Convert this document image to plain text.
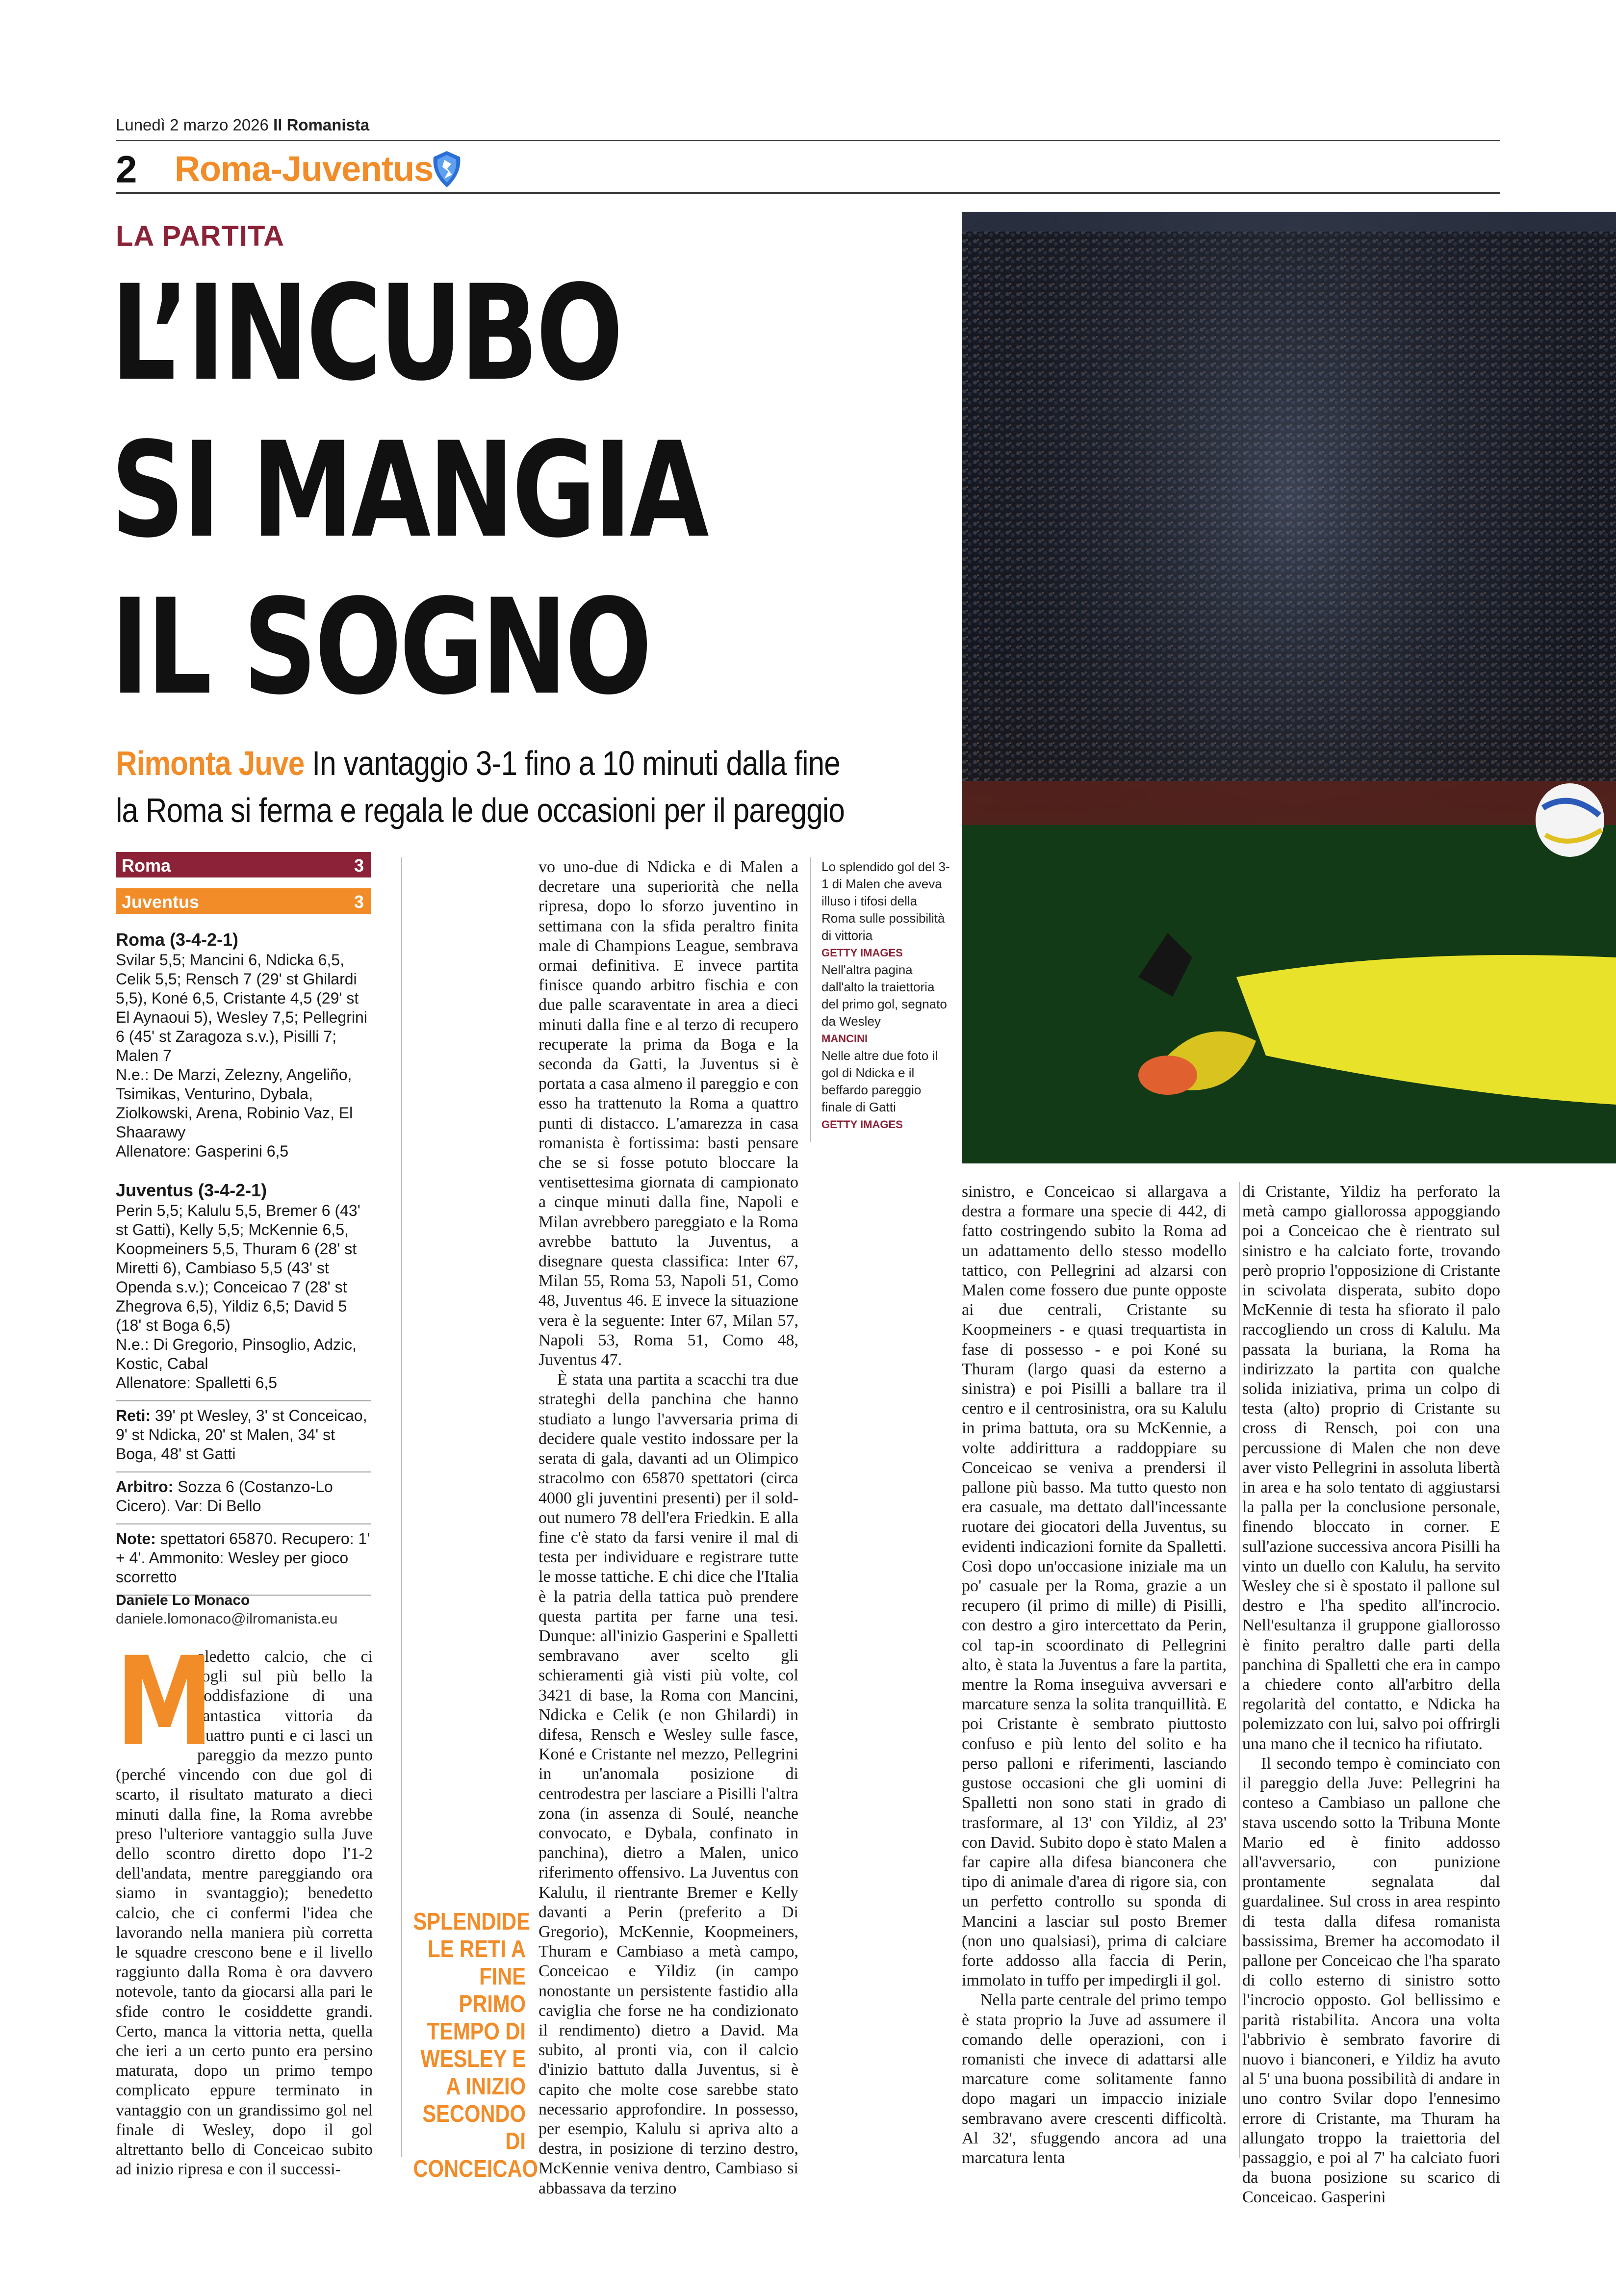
Lunedì 2 marzo 2026 Il Romanista
2 Roma-Juventus
LA PARTITA
L’INCUBO
SI MANGIA
IL SOGNO
Rimonta Juve In vantaggio 3-1 fino a 10 minuti dalla fine
la Roma si ferma e regala le due occasioni per il pareggio
Roma	3
Juventus	3
Roma (3-4-2-1)
Svilar 5,5; Mancini 6, Ndicka 6,5, Celik 5,5; Rensch 7 (29' st Ghilardi 5,5), Koné 6,5, Cristante 4,5 (29' st El Aynaoui 5), Wesley 7,5; Pellegrini 6 (45' st Zaragoza s.v.), Pisilli 7; Malen 7
N.e.: De Marzi, Zelezny, Angeliño, Tsimikas, Venturino, Dybala, Ziolkowski, Arena, Robinio Vaz, El Shaarawy
Allenatore: Gasperini 6,5
Juventus (3-4-2-1)
Perin 5,5; Kalulu 5,5, Bremer 6 (43' st Gatti), Kelly 5,5; McKennie 6,5, Koopmeiners 5,5, Thuram 6 (28' st Miretti 6), Cambiaso 5,5 (43' st Openda s.v.); Conceicao 7 (28' st Zhegrova 6,5), Yildiz 6,5; David 5 (18' st Boga 6,5)
N.e.: Di Gregorio, Pinsoglio, Adzic, Kostic, Cabal
Allenatore: Spalletti 6,5
Reti: 39' pt Wesley, 3' st Conceicao, 9' st Ndicka, 20' st Malen, 34' st Boga, 48' st Gatti
Arbitro: Sozza 6 (Costanzo-Lo Cicero). Var: Di Bello
Note: spettatori 65870. Recupero: 1' + 4'. Ammonito: Wesley per gioco scorretto
Daniele Lo Monaco
daniele.lomonaco@ilromanista.eu
M

aledetto calcio, che ci togli sul più bello la soddisfazione di una fantastica vittoria da quattro punti e ci lasci un pareggio da mezzo punto (perché vincendo con due gol di scarto, il risultato maturato a dieci minuti dalla fine, la Roma avrebbe preso l'ulteriore vantaggio sulla Juve dello scontro diretto dopo l'1-2 dell'andata, mentre pareggiando ora siamo in svantaggio); benedetto calcio, che ci confermi l'idea che lavorando nella maniera più corretta le squadre crescono bene e il livello raggiunto dalla Roma è ora davvero notevole, tanto da giocarsi alla pari le sfide contro le cosiddette grandi. Certo, manca la vittoria netta, quella che ieri a un certo punto era persino maturata, dopo un primo tempo complicato eppure terminato in vantaggio con un grandissimo gol nel finale di Wesley, dopo il gol altrettanto bello di Conceicao subito ad inizio ripresa e con il successi-

SPLENDIDE LE RETI A FINE PRIMO TEMPO DI WESLEY E A INIZIO SECONDO DI CONCEICAO

vo uno-due di Ndicka e di Malen a decretare una superiorità che nella ripresa, dopo lo sforzo juventino in settimana con la sfida peraltro finita male di Champions League, sembrava ormai definitiva. E invece partita finisce quando arbitro fischia e con due palle scaraventate in area a dieci minuti dalla fine e al terzo di recupero recuperate la prima da Boga e la seconda da Gatti, la Juventus si è portata a casa almeno il pareggio e con esso ha trattenuto la Roma a quattro punti di distacco. L'amarezza in casa romanista è fortissima: basti pensare che se si fosse potuto bloccare la ventisettesima giornata di campionato a cinque minuti dalla fine, Napoli e Milan avrebbero pareggiato e la Roma avrebbe battuto la Juventus, a disegnare questa classifica: Inter 67, Milan 55, Roma 53, Napoli 51, Como 48, Juventus 46. E invece la situazione vera è la seguente: Inter 67, Milan 57, Napoli 53, Roma 51, Como 48, Juventus 47.

È stata una partita a scacchi tra due strateghi della panchina che hanno studiato a lungo l'avversaria prima di decidere quale vestito indossare per la serata di gala, davanti ad un Olimpico stracolmo con 65870 spettatori (circa 4000 gli juventini presenti) per il sold-out numero 78 dell'era Friedkin. E alla fine c'è stato da farsi venire il mal di testa per individuare e registrare tutte le mosse tattiche. E chi dice che l'Italia è la patria della tattica può prendere questa partita per farne una tesi. Dunque: all'inizio Gasperini e Spalletti sembravano aver scelto gli schieramenti già visti più volte, col 3421 di base, la Roma con Mancini, Ndicka e Celik (e non Ghilardi) in difesa, Rensch e Wesley sulle fasce, Koné e Cristante nel mezzo, Pellegrini in un'anomala posizione di centrodestra per lasciare a Pisilli l'altra zona (in assenza di Soulé, neanche convocato, e Dybala, confinato in panchina), dietro a Malen, unico riferimento offensivo. La Juventus con Kalulu, il rientrante Bremer e Kelly davanti a Perin (preferito a Di Gregorio), McKennie, Koopmeiners, Thuram e Cambiaso a metà campo, Conceicao e Yildiz (in campo nonostante un persistente fastidio alla caviglia che forse ne ha condizionato il rendimento) dietro a David. Ma subito, al pronti via, con il calcio d'inizio battuto dalla Juventus, si è capito che molte cose sarebbe stato necessario approfondire. In possesso, per esempio, Kalulu si apriva alto a destra, in posizione di terzino destro, McKennie veniva dentro, Cambiaso si abbassava da terzino

Lo splendido gol del 3-1 di Malen che aveva illuso i tifosi della Roma sulle possibilità di vittoria
GETTY IMAGES
Nell'altra pagina dall'alto la traiettoria del primo gol, segnato da Wesley
MANCINI
Nelle altre due foto il gol di Ndicka e il beffardo pareggio finale di Gatti
GETTY IMAGES

sinistro, e Conceicao si allargava a destra a formare una specie di 442, di fatto costringendo subito la Roma ad un adattamento dello stesso modello tattico, con Pellegrini ad alzarsi con Malen come fossero due punte opposte ai due centrali, Cristante su Koopmeiners - e quasi trequartista in fase di possesso - e poi Koné su Thuram (largo quasi da esterno a sinistra) e poi Pisilli a ballare tra il centro e il centrosinistra, ora su Kalulu in prima battuta, ora su McKennie, a volte addirittura a raddoppiare su Conceicao se veniva a prendersi il pallone più basso. Ma tutto questo non era casuale, ma dettato dall'incessante ruotare dei giocatori della Juventus, su evidenti indicazioni fornite da Spalletti. Così dopo un'occasione iniziale ma un po' casuale per la Roma, grazie a un recupero (il primo di mille) di Pisilli, con destro a giro intercettato da Perin, col tap-in scoordinato di Pellegrini alto, è stata la Juventus a fare la partita, mentre la Roma inseguiva avversari e marcature senza la solita tranquillità. E poi Cristante è sembrato piuttosto confuso e più lento del solito e ha perso palloni e riferimenti, lasciando gustose occasioni che gli uomini di Spalletti non sono stati in grado di trasformare, al 13' con Yildiz, al 23' con David. Subito dopo è stato Malen a far capire alla difesa bianconera che tipo di animale d'area di rigore sia, con un perfetto controllo su sponda di Mancini a lasciar sul posto Bremer (non uno qualsiasi), prima di calciare forte addosso alla faccia di Perin, immolato in tuffo per impedirgli il gol.

Nella parte centrale del primo tempo è stata proprio la Juve ad assumere il comando delle operazioni, con i romanisti che invece di adattarsi alle marcature come solitamente fanno dopo magari un impaccio iniziale sembravano avere crescenti difficoltà. Al 32', sfuggendo ancora ad una marcatura lenta

di Cristante, Yildiz ha perforato la metà campo giallorossa appoggiando poi a Conceicao che è rientrato sul sinistro e ha calciato forte, trovando però proprio l'opposizione di Cristante in scivolata disperata, subito dopo McKennie di testa ha sfiorato il palo raccogliendo un cross di Kalulu. Ma passata la buriana, la Roma ha indirizzato la partita con qualche solida iniziativa, prima un colpo di testa (alto) proprio di Cristante su cross di Rensch, poi con una percussione di Malen che non deve aver visto Pellegrini in assoluta libertà in area e ha solo tentato di aggiustarsi la palla per la conclusione personale, finendo bloccato in corner. E sull'azione successiva ancora Pisilli ha vinto un duello con Kalulu, ha servito Wesley che si è spostato il pallone sul destro e l'ha spedito all'incrocio. Nell'esultanza il gruppone giallorosso è finito peraltro dalle parti della panchina di Spalletti che era in campo a chiedere conto all'arbitro della regolarità del contatto, e Ndicka ha polemizzato con lui, salvo poi offrirgli una mano che il tecnico ha rifiutato.

Il secondo tempo è cominciato con il pareggio della Juve: Pellegrini ha conteso a Cambiaso un pallone che stava uscendo sotto la Tribuna Monte Mario ed è finito addosso all'avversario, con punizione prontamente segnalata dal guardalinee. Sul cross in area respinto di testa dalla difesa romanista bassissima, Bremer ha accomodato il pallone per Conceicao che l'ha sparato di collo esterno di sinistro sotto l'incrocio opposto. Gol bellissimo e parità ristabilita. Ancora una volta l'abbrivio è sembrato favorire di nuovo i bianconeri, e Yildiz ha avuto al 5' una buona possibilità di andare in uno contro Svilar dopo l'ennesimo errore di Cristante, ma Thuram ha allungato troppo la traiettoria del passaggio, e poi al 7' ha calciato fuori da buona posizione su scarico di Conceicao. Gasperini
